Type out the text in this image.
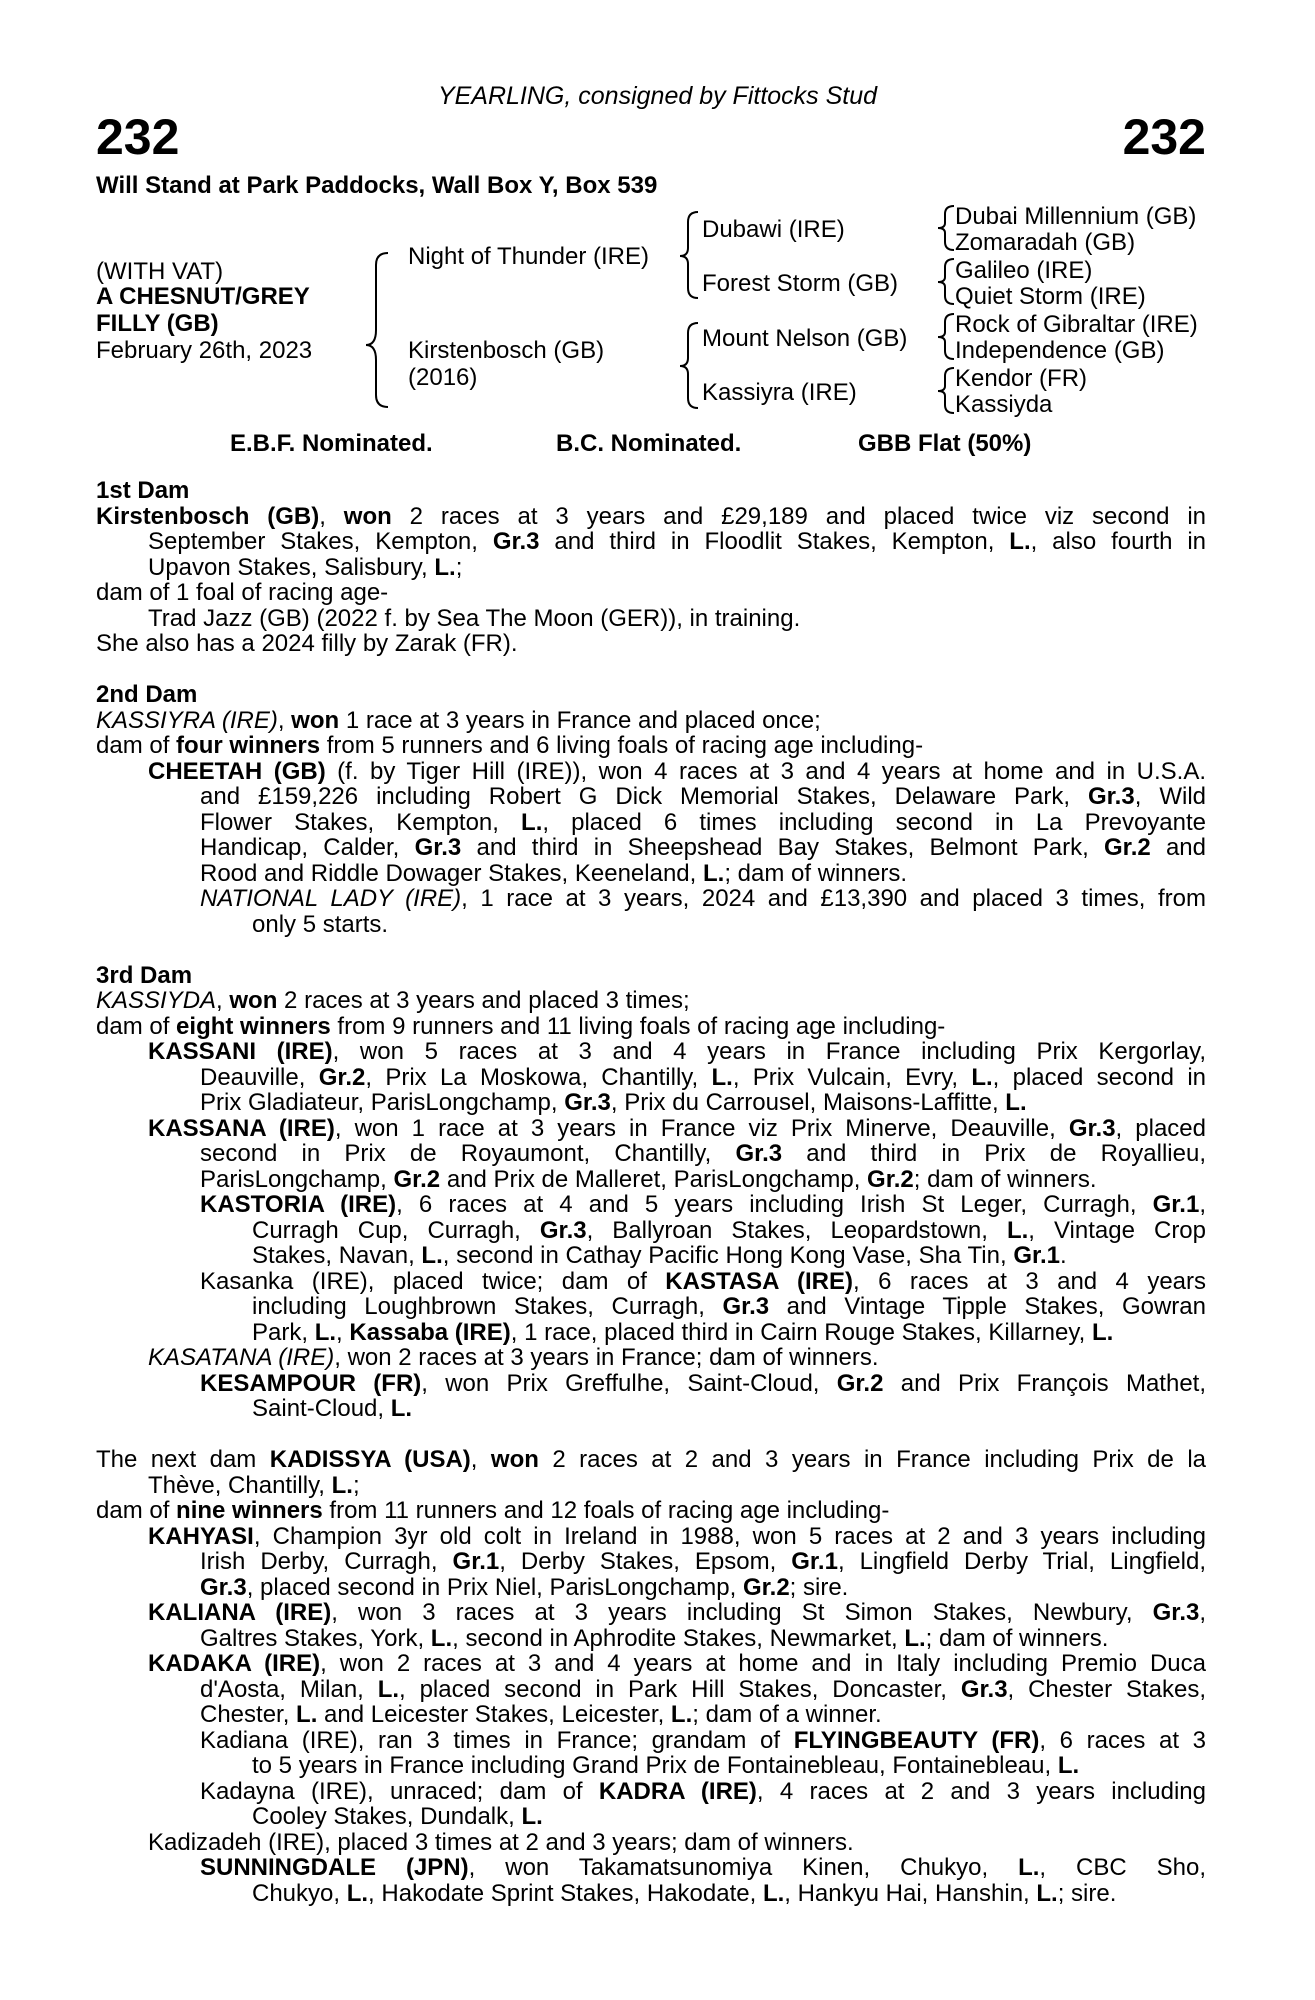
YEARLING, consigned by Fittocks Stud
232	232
Will Stand at Park Paddocks, Wall Box Y, Box 539
(WITH VAT)
A CHESNUT/GREY
FILLY (GB)
February 26th, 2023
Night of Thunder (IRE)
Kirstenbosch (GB)
(2016)
Dubawi (IRE)
Forest Storm (GB)
Mount Nelson (GB)
Kassiyra (IRE)
Dubai Millennium (GB)
Zomaradah (GB)
Galileo (IRE)
Quiet Storm (IRE)
Rock of Gibraltar (IRE)
Independence (GB)
Kendor (FR)
Kassiyda
E.B.F. Nominated.	B.C. Nominated.	GBB Flat (50%)
1st Dam
Kirstenbosch (GB), won 2 races at 3 years and £29,189 and placed twice viz second in
September Stakes, Kempton, Gr.3 and third in Floodlit Stakes, Kempton, L., also fourth in
Upavon Stakes, Salisbury, L.;
dam of 1 foal of racing age-
Trad Jazz (GB) (2022 f. by Sea The Moon (GER)), in training.
She also has a 2024 filly by Zarak (FR).
2nd Dam
KASSIYRA (IRE), won 1 race at 3 years in France and placed once;
dam of four winners from 5 runners and 6 living foals of racing age including-
CHEETAH (GB) (f. by Tiger Hill (IRE)), won 4 races at 3 and 4 years at home and in U.S.A.
and £159,226 including Robert G Dick Memorial Stakes, Delaware Park, Gr.3, Wild
Flower Stakes, Kempton, L., placed 6 times including second in La Prevoyante
Handicap, Calder, Gr.3 and third in Sheepshead Bay Stakes, Belmont Park, Gr.2 and
Rood and Riddle Dowager Stakes, Keeneland, L.; dam of winners.
NATIONAL LADY (IRE), 1 race at 3 years, 2024 and £13,390 and placed 3 times, from
only 5 starts.
3rd Dam
KASSIYDA, won 2 races at 3 years and placed 3 times;
dam of eight winners from 9 runners and 11 living foals of racing age including-
KASSANI (IRE), won 5 races at 3 and 4 years in France including Prix Kergorlay,
Deauville, Gr.2, Prix La Moskowa, Chantilly, L., Prix Vulcain, Evry, L., placed second in
Prix Gladiateur, ParisLongchamp, Gr.3, Prix du Carrousel, Maisons-Laffitte, L.
KASSANA (IRE), won 1 race at 3 years in France viz Prix Minerve, Deauville, Gr.3, placed
second in Prix de Royaumont, Chantilly, Gr.3 and third in Prix de Royallieu,
ParisLongchamp, Gr.2 and Prix de Malleret, ParisLongchamp, Gr.2; dam of winners.
KASTORIA (IRE), 6 races at 4 and 5 years including Irish St Leger, Curragh, Gr.1,
Curragh Cup, Curragh, Gr.3, Ballyroan Stakes, Leopardstown, L., Vintage Crop
Stakes, Navan, L., second in Cathay Pacific Hong Kong Vase, Sha Tin, Gr.1.
Kasanka (IRE), placed twice; dam of KASTASA (IRE), 6 races at 3 and 4 years
including Loughbrown Stakes, Curragh, Gr.3 and Vintage Tipple Stakes, Gowran
Park, L., Kassaba (IRE), 1 race, placed third in Cairn Rouge Stakes, Killarney, L.
KASATANA (IRE), won 2 races at 3 years in France; dam of winners.
KESAMPOUR (FR), won Prix Greffulhe, Saint-Cloud, Gr.2 and Prix François Mathet,
Saint-Cloud, L.
The next dam KADISSYA (USA), won 2 races at 2 and 3 years in France including Prix de la
Thève, Chantilly, L.;
dam of nine winners from 11 runners and 12 foals of racing age including-
KAHYASI, Champion 3yr old colt in Ireland in 1988, won 5 races at 2 and 3 years including
Irish Derby, Curragh, Gr.1, Derby Stakes, Epsom, Gr.1, Lingfield Derby Trial, Lingfield,
Gr.3, placed second in Prix Niel, ParisLongchamp, Gr.2; sire.
KALIANA (IRE), won 3 races at 3 years including St Simon Stakes, Newbury, Gr.3,
Galtres Stakes, York, L., second in Aphrodite Stakes, Newmarket, L.; dam of winners.
KADAKA (IRE), won 2 races at 3 and 4 years at home and in Italy including Premio Duca
d'Aosta, Milan, L., placed second in Park Hill Stakes, Doncaster, Gr.3, Chester Stakes,
Chester, L. and Leicester Stakes, Leicester, L.; dam of a winner.
Kadiana (IRE), ran 3 times in France; grandam of FLYINGBEAUTY (FR), 6 races at 3
to 5 years in France including Grand Prix de Fontainebleau, Fontainebleau, L.
Kadayna (IRE), unraced; dam of KADRA (IRE), 4 races at 2 and 3 years including
Cooley Stakes, Dundalk, L.
Kadizadeh (IRE), placed 3 times at 2 and 3 years; dam of winners.
SUNNINGDALE (JPN), won Takamatsunomiya Kinen, Chukyo, L., CBC Sho,
Chukyo, L., Hakodate Sprint Stakes, Hakodate, L., Hankyu Hai, Hanshin, L.; sire.
